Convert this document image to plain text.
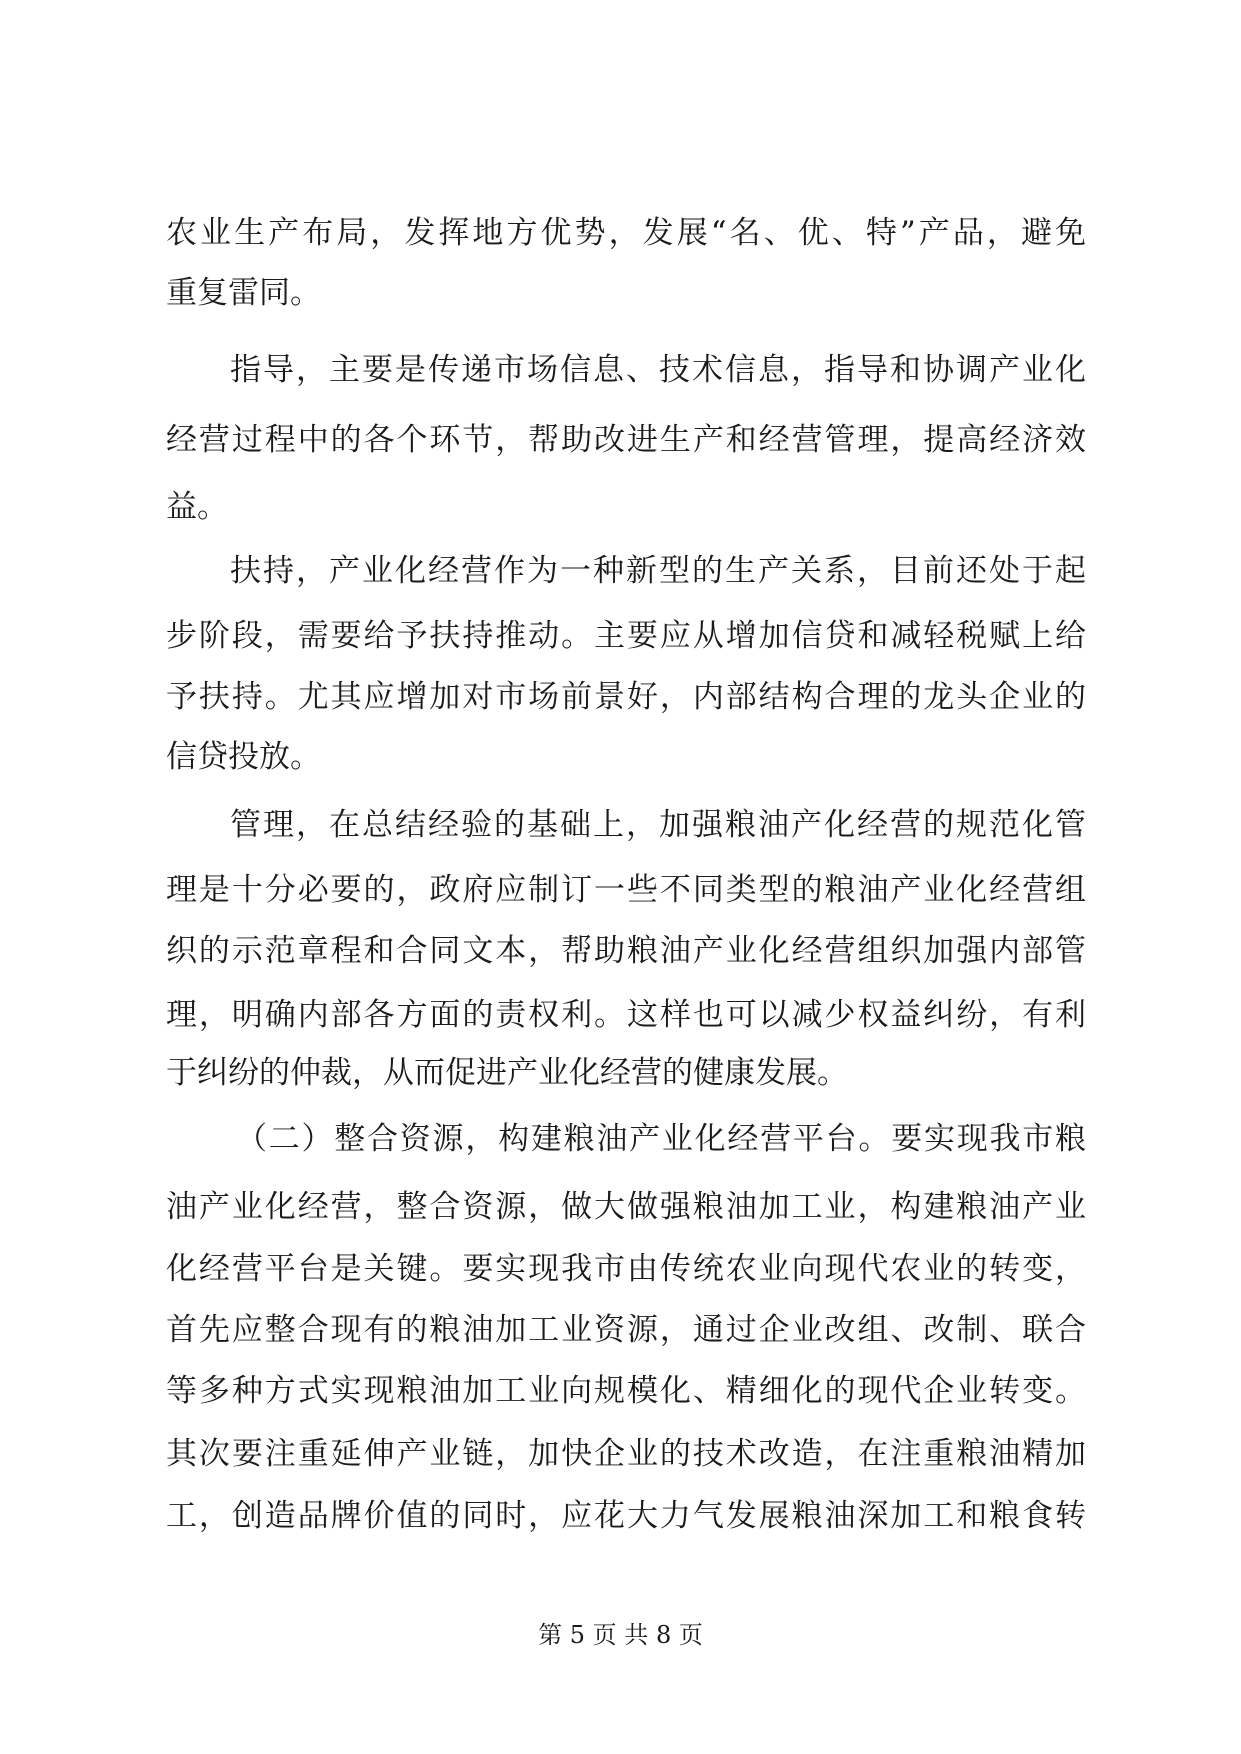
农业生产布局，发挥地方优势，发展“名、优、特”产品，避免
重复雷同。
指导，主要是传递市场信息、技术信息，指导和协调产业化
经营过程中的各个环节，帮助改进生产和经营管理，提高经济效
益。
扶持，产业化经营作为一种新型的生产关系，目前还处于起
步阶段，需要给予扶持推动。主要应从增加信贷和减轻税赋上给
予扶持。尤其应增加对市场前景好，内部结构合理的龙头企业的
信贷投放。
管理，在总结经验的基础上，加强粮油产化经营的规范化管
理是十分必要的，政府应制订一些不同类型的粮油产业化经营组
织的示范章程和合同文本，帮助粮油产业化经营组织加强内部管
理，明确内部各方面的责权利。这样也可以减少权益纠纷，有利
于纠纷的仲裁，从而促进产业化经营的健康发展。
（二）整合资源，构建粮油产业化经营平台。要实现我市粮
油产业化经营，整合资源，做大做强粮油加工业，构建粮油产业
化经营平台是关键。要实现我市由传统农业向现代农业的转变，
首先应整合现有的粮油加工业资源，通过企业改组、改制、联合
等多种方式实现粮油加工业向规模化、精细化的现代企业转变。
其次要注重延伸产业链，加快企业的技术改造，在注重粮油精加
工，创造品牌价值的同时，应花大力气发展粮油深加工和粮食转
第 5 页 共 8 页
